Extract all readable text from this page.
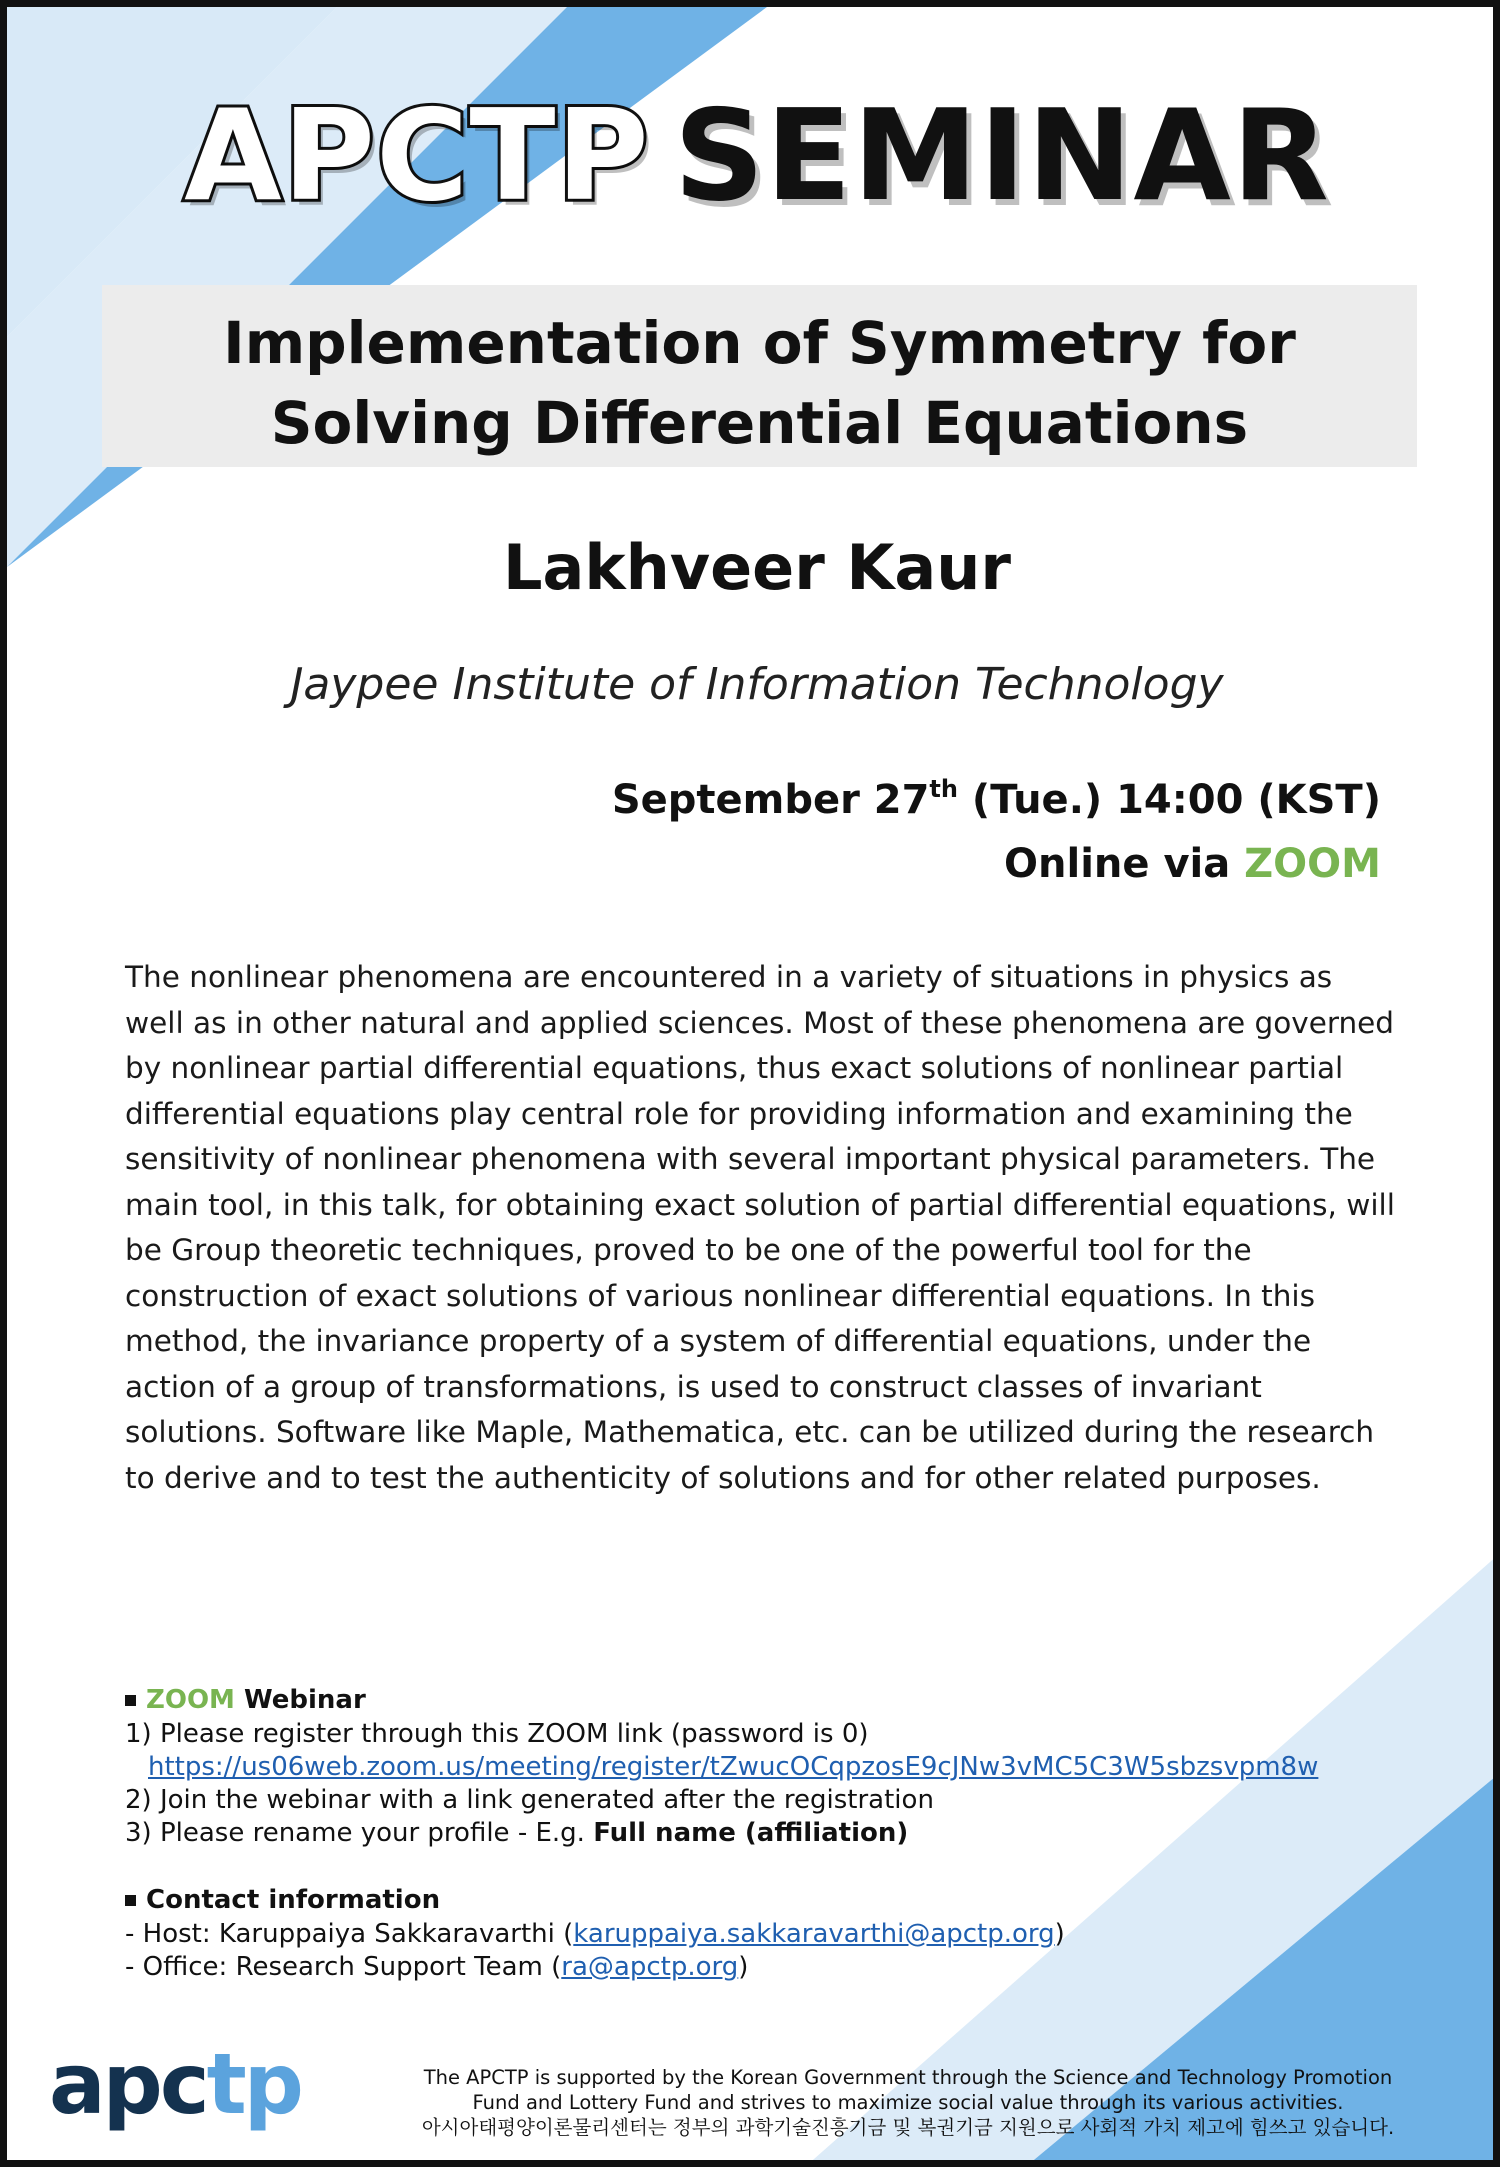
APCTP SEMINAR
Implementation of Symmetry for
Solving Differential Equations
Lakhveer Kaur
Jaypee Institute of Information Technology
September 27th (Tue.) 14:00 (KST)
Online via ZOOM
The nonlinear phenomena are encountered in a variety of situations in physics as well as in other natural and applied sciences. Most of these phenomena are governed by nonlinear partial differential equations, thus exact solutions of nonlinear partial differential equations play central role for providing information and examining the sensitivity of nonlinear phenomena with several important physical parameters. The main tool, in this talk, for obtaining exact solution of partial differential equations, will be Group theoretic techniques, proved to be one of the powerful tool for the construction of exact solutions of various nonlinear differential equations. In this method, the invariance property of a system of differential equations, under the action of a group of transformations, is used to construct classes of invariant solutions. Software like Maple, Mathematica, etc. can be utilized during the research to derive and to test the authenticity of solutions and for other related purposes.
ZOOM Webinar
1) Please register through this ZOOM link (password is 0)
https://us06web.zoom.us/meeting/register/tZwucOCqpzosE9cJNw3vMC5C3W5sbzsvpm8w
2) Join the webinar with a link generated after the registration
3) Please rename your profile - E.g. Full name (affiliation)
Contact information
- Host: Karuppaiya Sakkaravarthi (karuppaiya.sakkaravarthi@apctp.org)
- Office: Research Support Team (ra@apctp.org)
apctp	The APCTP is supported by the Korean Government through the Science and Technology Promotion
Fund and Lottery Fund and strives to maximize social value through its various activities.
아시아태평양이론물리센터는 정부의 과학기술진흥기금 및 복권기금 지원으로 사회적 가치 제고에 힘쓰고 있습니다.
